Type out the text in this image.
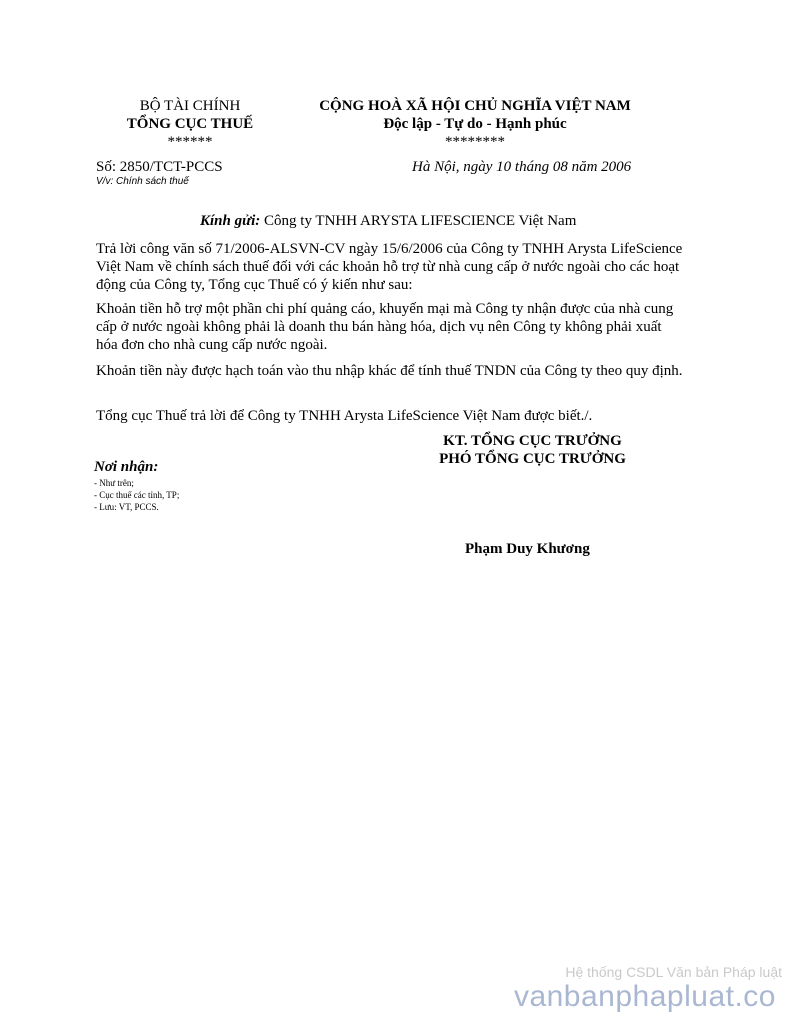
BỘ TÀI CHÍNH
TỔNG CỤC THUẾ
******
CỘNG HOÀ XÃ HỘI CHỦ NGHĨA VIỆT NAM
Độc lập - Tự do - Hạnh phúc
********
Số: 2850/TCT-PCCS
V/v: Chính sách thuế
Hà Nội, ngày 10 tháng 08 năm 2006
Kính gửi: Công ty TNHH ARYSTA LIFESCIENCE Việt Nam
Trả lời công văn số 71/2006-ALSVN-CV ngày 15/6/2006 của Công ty TNHH Arysta LifeScience Việt Nam về chính sách thuế đối với các khoản hỗ trợ từ nhà cung cấp ở nước ngoài cho các hoạt động của Công ty, Tổng cục Thuế có ý kiến như sau:
Khoản tiền hỗ trợ một phần chi phí quảng cáo, khuyến mại mà Công ty nhận được của nhà cung cấp ở nước ngoài không phải là doanh thu bán hàng hóa, dịch vụ nên Công ty không phải xuất hóa đơn cho nhà cung cấp nước ngoài.
Khoản tiền này được hạch toán vào thu nhập khác để tính thuế TNDN của Công ty theo quy định.
Tổng cục Thuế trả lời để Công ty TNHH Arysta LifeScience Việt Nam được biết./.
KT. TỔNG CỤC TRƯỞNG
PHÓ TỔNG CỤC TRƯỞNG
Nơi nhận:
- Như trên;
- Cục thuế các tỉnh, TP;
- Lưu: VT, PCCS.
Phạm Duy Khương
Hệ thống CSDL Văn bản Pháp luật
vanbanphapluat.co
